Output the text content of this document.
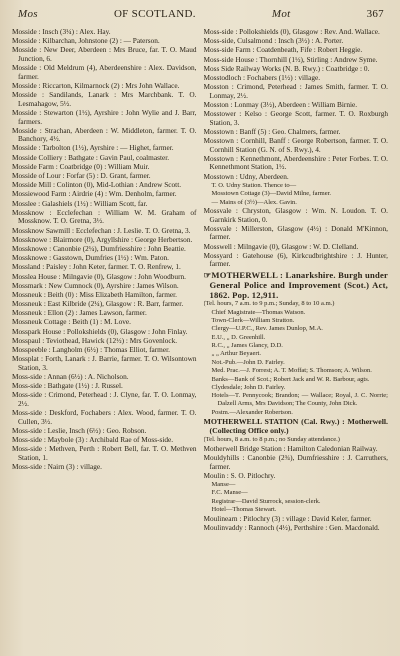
Mos	OF SCOTLAND.	Mot	367
Mosside : Insch (3¼) : Alex. Hay.
Mosside : Kilbarchan, Johnstone (2) : — Paterson.
Mosside : New Deer, Aberdeen : Mrs Bruce, far. T. O. Maud Junction, 6.
Mosside : Old Meldrum (4), Aberdeenshire : Alex. Davidson, farmer.
Mosside : Riccarton, Kilmarnock (2) : Mrs John Wallace.
Mosside : Sandilands, Lanark : Mrs Marchbank. T. O. Lesmahagow, 5½.
Mosside : Stewarton (1½), Ayrshire : John Wylie and J. Barr, farmers.
Mosside : Strachan, Aberdeen : W. Middleton, farmer. T. O. Banchory, 4½.
Mosside : Tarbolton (1½), Ayrshire : — Highet, farmer.
Mosside Colliery : Bathgate : Gavin Paul, coalmaster.
Mosside Farm : Coatbridge (0) : William Muir.
Mosside of Lour : Forfar (5) : D. Grant, farmer.
Mosside Mill : Colinton (0), Mid-Lothian : Andrew Scott.
Mossiewood Farm : Airdrie (4) : Wm. Denholm, farmer.
Mosslee : Galashiels (1½) : William Scott, far.
Mossknow : Ecclefechan : William W. M. Graham of Mossknow. T. O. Gretna, 3½.
Mossknow Sawmill : Ecclefechan : J. Leslie. T. O. Gretna, 3.
Mossknowe : Blairmore (0), Argyllshire : George Herbertson.
Mossknowe : Canonbie (2¼), Dumfriesshire : John Beattie.
Mossknowe : Gasstown, Dumfries (1½) : Wm. Paton.
Mossland : Paisley : John Keter, farmer. T. O. Renfrew, 1.
Mosslea House : Milngavie (0), Glasgow : John Woodburn.
Mossmark : New Cumnock (0), Ayrshire : James Wilson.
Mossneuk : Beith (0) : Miss Elizabeth Hamilton, farmer.
Mossneuk : East Kilbride (2¼), Glasgow : R. Barr, farmer.
Mossneuk : Ellon (2) : James Lawson, farmer.
Mossneuk Cottage : Beith (1) : M. Love.
Mosspark House : Pollokshields (0), Glasgow : John Finlay.
Mosspaul : Teviothead, Hawick (12½) : Mrs Govenlock.
Mosspeeble : Langholm (6½) : Thomas Elliot, farmer.
Mossplat : Forth, Lanark : J. Barrie, farmer. T. O. Wilsontown Station, 3.
Moss-side : Annan (6½) : A. Nicholson.
Moss-side : Bathgate (1½) : J. Russel.
Moss-side : Crimond, Peterhead : J. Clyne, far. T. O. Lonmay, 2½.
Moss-side : Deskford, Fochabers : Alex. Wood, farmer. T. O. Cullen, 3½.
Moss-side : Leslie, Insch (6½) : Geo. Robson.
Moss-side : Maybole (3) : Archibald Rae of Moss-side.
Moss-side : Methven, Perth : Robert Bell, far. T. O. Methven Station, 1.
Moss-side : Nairn (3) : village.
Moss-side : Pollokshields (0), Glasgow : Rev. And. Wallace.
Moss-side, Culsalmond : Insch (3½) : A. Porter.
Moss-side Farm : Coatdenbeath, Fife : Robert Heggie.
Moss-side House : Thornhill (1½), Stirling : Andrew Syme.
Moss Side Railway Works (N. B. Rwy.) : Coatbridge : 0.
Mosstodloch : Fochabers (1½) : village.
Mosston : Crimond, Peterhead : James Smith, farmer. T. O. Lonmay, 2½.
Mosston : Lonmay (3½), Aberdeen : William Birnie.
Mosstower : Kelso : George Scott, farmer. T. O. Roxburgh Station, 3.
Mosstown : Banff (5) : Geo. Chalmers, farmer.
Mosstown : Cornhill, Banff : George Robertson, farmer. T. O. Cornhill Station (G. N. of S. Rwy.), 4.
Mosstown : Kennethmont, Aberdeenshire : Peter Forbes. T. O. Kennethmont Station, 1½.
Mosstown : Udny, Aberdeen.
T. O. Udny Station. Thence to—
Mosstown Cottage (3)—David Milne, farmer.
— Mains of (3½)—Alex. Gavin.
Mossvale : Chryston, Glasgow : Wm. N. Loudon. T. O. Garnkirk Station, 0.
Mossvale : Millerston, Glasgow (4½) : Donald M'Kinnon, farmer.
Mosswell : Milngavie (0), Glasgow : W. D. Clelland.
Mossyard : Gatehouse (6), Kirkcudbrightshire : J. Hunter, farmer.
☞MOTHERWELL : Lanarkshire. Burgh under General Police and Improvement (Scot.) Act, 1862. Pop. 12,911.
(Tel. hours, 7 a.m. to 9 p.m.; Sunday, 8 to 10 a.m.)
Chief Magistrate—Thomas Watson.
Town-Clerk—William Stratton.
Clergy—U.P.C., Rev. James Dunlop, M.A.
E.U., „ D. Greenhill.
R.C., „ James Glancy, D.D.
„ „ Arthur Beyaert.
Not.-Pub.—John D. Fairley.
Med. Prac.—J. Forrest; A. T. Moffat; S. Thomson; A. Wilson.
Banks—Bank of Scot.; Robert Jack and W. R. Barbour, agts.
Clydesdale; John D. Fairley.
Hotels—T. Pennycook; Brandon; — Wallace; Royal, J. C. Norrie; Dalzell Arms, Mrs Davidson; The County, John Dick.
Postm.—Alexander Robertson.
MOTHERWELL STATION (Cal. Rwy.) : Motherwell. (Collecting Office only.)
(Tel. hours, 8 a.m. to 8 p.m.; no Sunday attendance.)
Motherwell Bridge Station : Hamilton Caledonian Railway.
Mouldyhills : Canonbie (2¾), Dumfriesshire : J. Carruthers, farmer.
Moulin : S. O. Pitlochry.
Manse—
F.C. Manse—
Registrar—David Sturrock, session-clerk.
Hotel—Thomas Stewart.
Moulinearn : Pitlochry (3) : village : David Keler, farmer.
Moulinvaddy : Rannoch (4½), Perthshire : Gen. Macdonald.
